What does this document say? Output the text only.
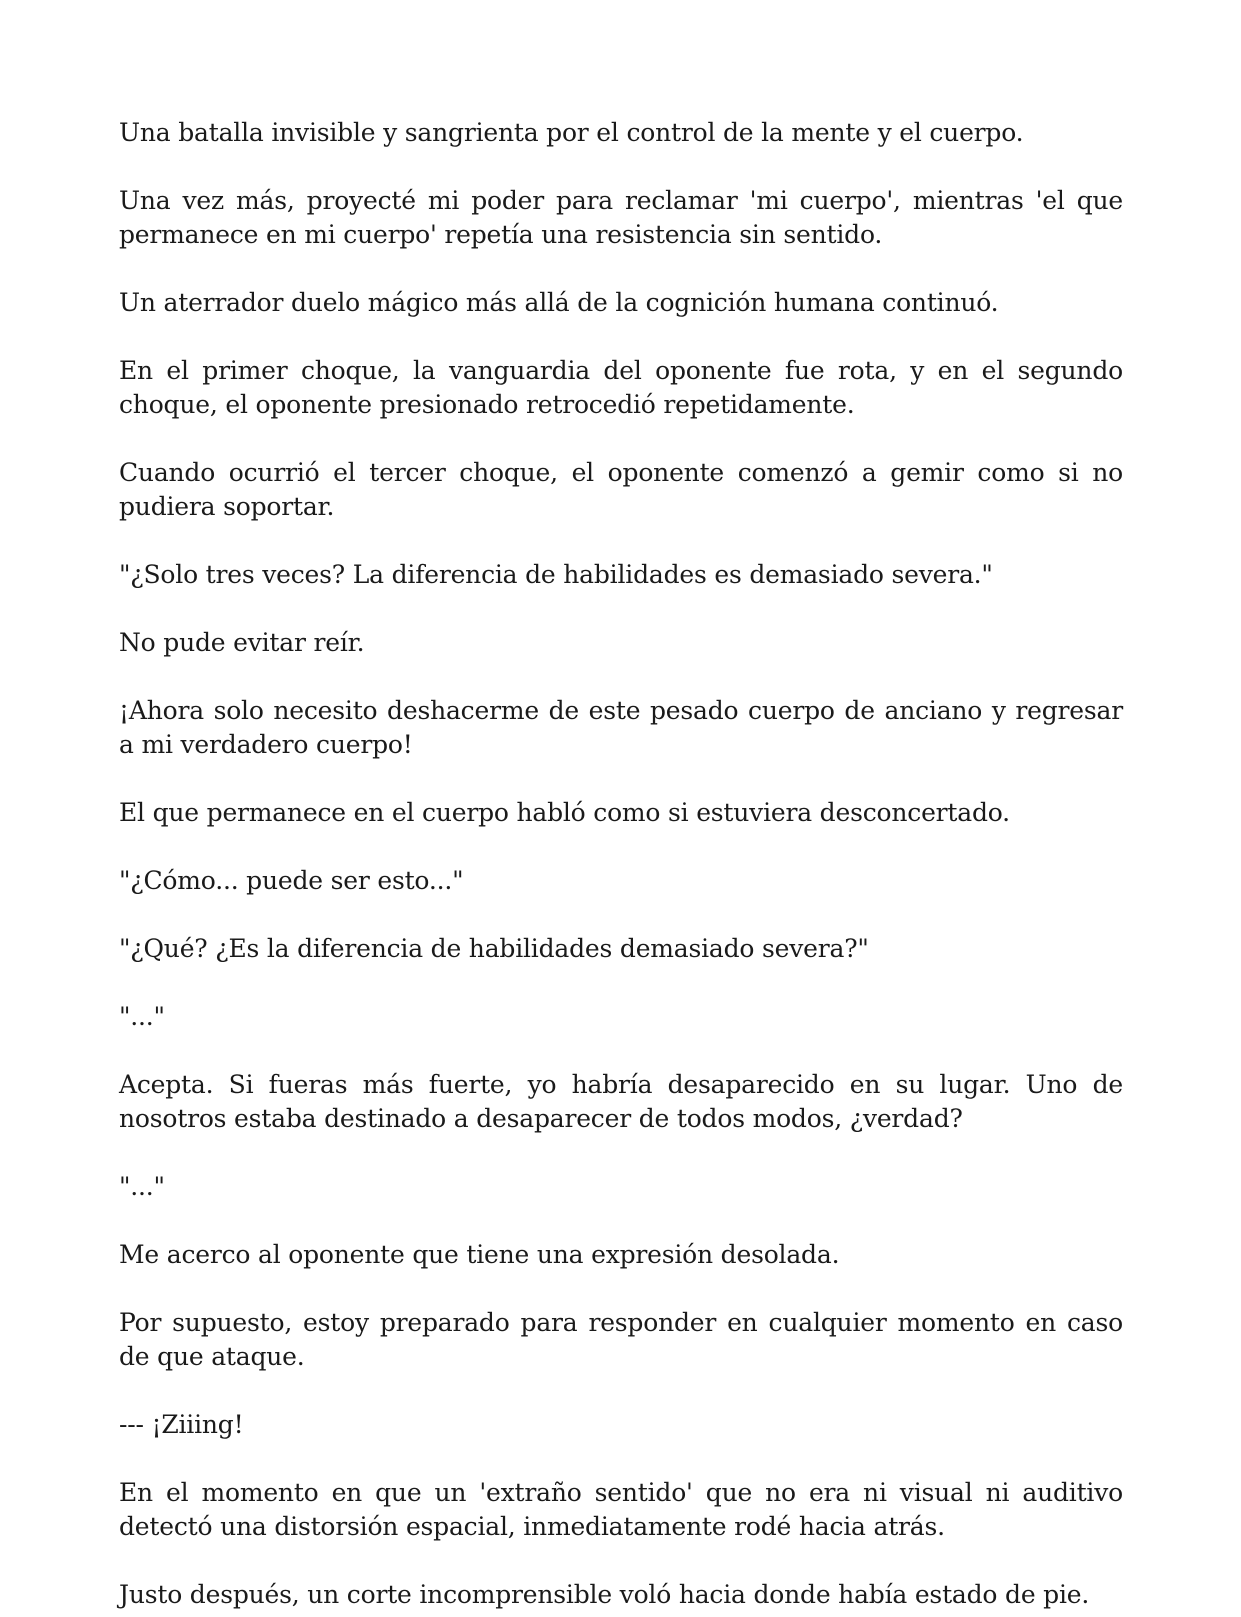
Una batalla invisible y sangrienta por el control de la mente y el cuerpo.

Una vez más, proyecté mi poder para reclamar 'mi cuerpo', mientras 'el que permanece en mi cuerpo' repetía una resistencia sin sentido.

Un aterrador duelo mágico más allá de la cognición humana continuó.

En el primer choque, la vanguardia del oponente fue rota, y en el segundo choque, el oponente presionado retrocedió repetidamente.

Cuando ocurrió el tercer choque, el oponente comenzó a gemir como si no pudiera soportar.

"¿Solo tres veces? La diferencia de habilidades es demasiado severa."

No pude evitar reír.

¡Ahora solo necesito deshacerme de este pesado cuerpo de anciano y regresar a mi verdadero cuerpo!

El que permanece en el cuerpo habló como si estuviera desconcertado.

"¿Cómo... puede ser esto..."

"¿Qué? ¿Es la diferencia de habilidades demasiado severa?"

"..."

Acepta. Si fueras más fuerte, yo habría desaparecido en su lugar. Uno de nosotros estaba destinado a desaparecer de todos modos, ¿verdad?

"..."

Me acerco al oponente que tiene una expresión desolada.

Por supuesto, estoy preparado para responder en cualquier momento en caso de que ataque.

--- ¡Ziiing!

En el momento en que un 'extraño sentido' que no era ni visual ni auditivo detectó una distorsión espacial, inmediatamente rodé hacia atrás.

Justo después, un corte incomprensible voló hacia donde había estado de pie.
